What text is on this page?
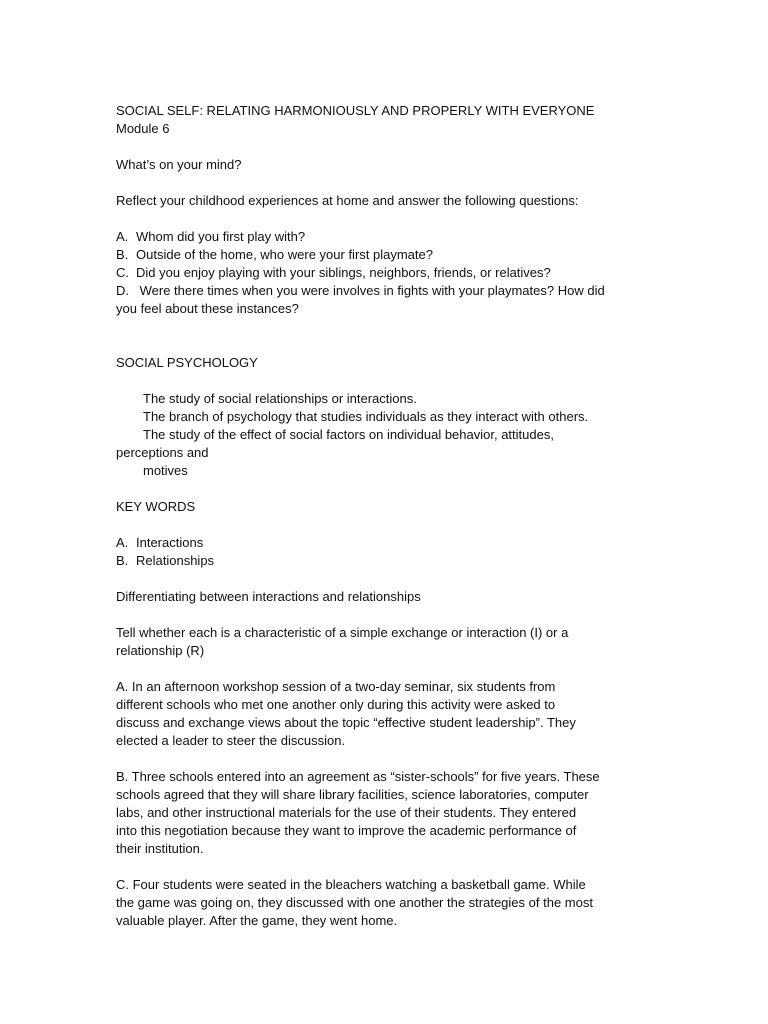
SOCIAL SELF: RELATING HARMONIOUSLY AND PROPERLY WITH EVERYONE
Module 6
What’s on your mind?
Reflect your childhood experiences at home and answer the following questions:
A. Whom did you first play with?
B. Outside of the home, who were your first playmate?
C. Did you enjoy playing with your siblings, neighbors, friends, or relatives?
D. Were there times when you were involves in fights with your playmates? How did
you feel about these instances?
SOCIAL PSYCHOLOGY
The study of social relationships or interactions.
The branch of psychology that studies individuals as they interact with others.
The study of the effect of social factors on individual behavior, attitudes,
perceptions and
motives
KEY WORDS
A. Interactions
B. Relationships
Differentiating between interactions and relationships
Tell whether each is a characteristic of a simple exchange or interaction (I) or a
relationship (R)
A. In an afternoon workshop session of a two-day seminar, six students from
different schools who met one another only during this activity were asked to
discuss and exchange views about the topic “effective student leadership”. They
elected a leader to steer the discussion.
B. Three schools entered into an agreement as “sister-schools” for five years. These
schools agreed that they will share library facilities, science laboratories, computer
labs, and other instructional materials for the use of their students. They entered
into this negotiation because they want to improve the academic performance of
their institution.
C. Four students were seated in the bleachers watching a basketball game. While
the game was going on, they discussed with one another the strategies of the most
valuable player. After the game, they went home.
